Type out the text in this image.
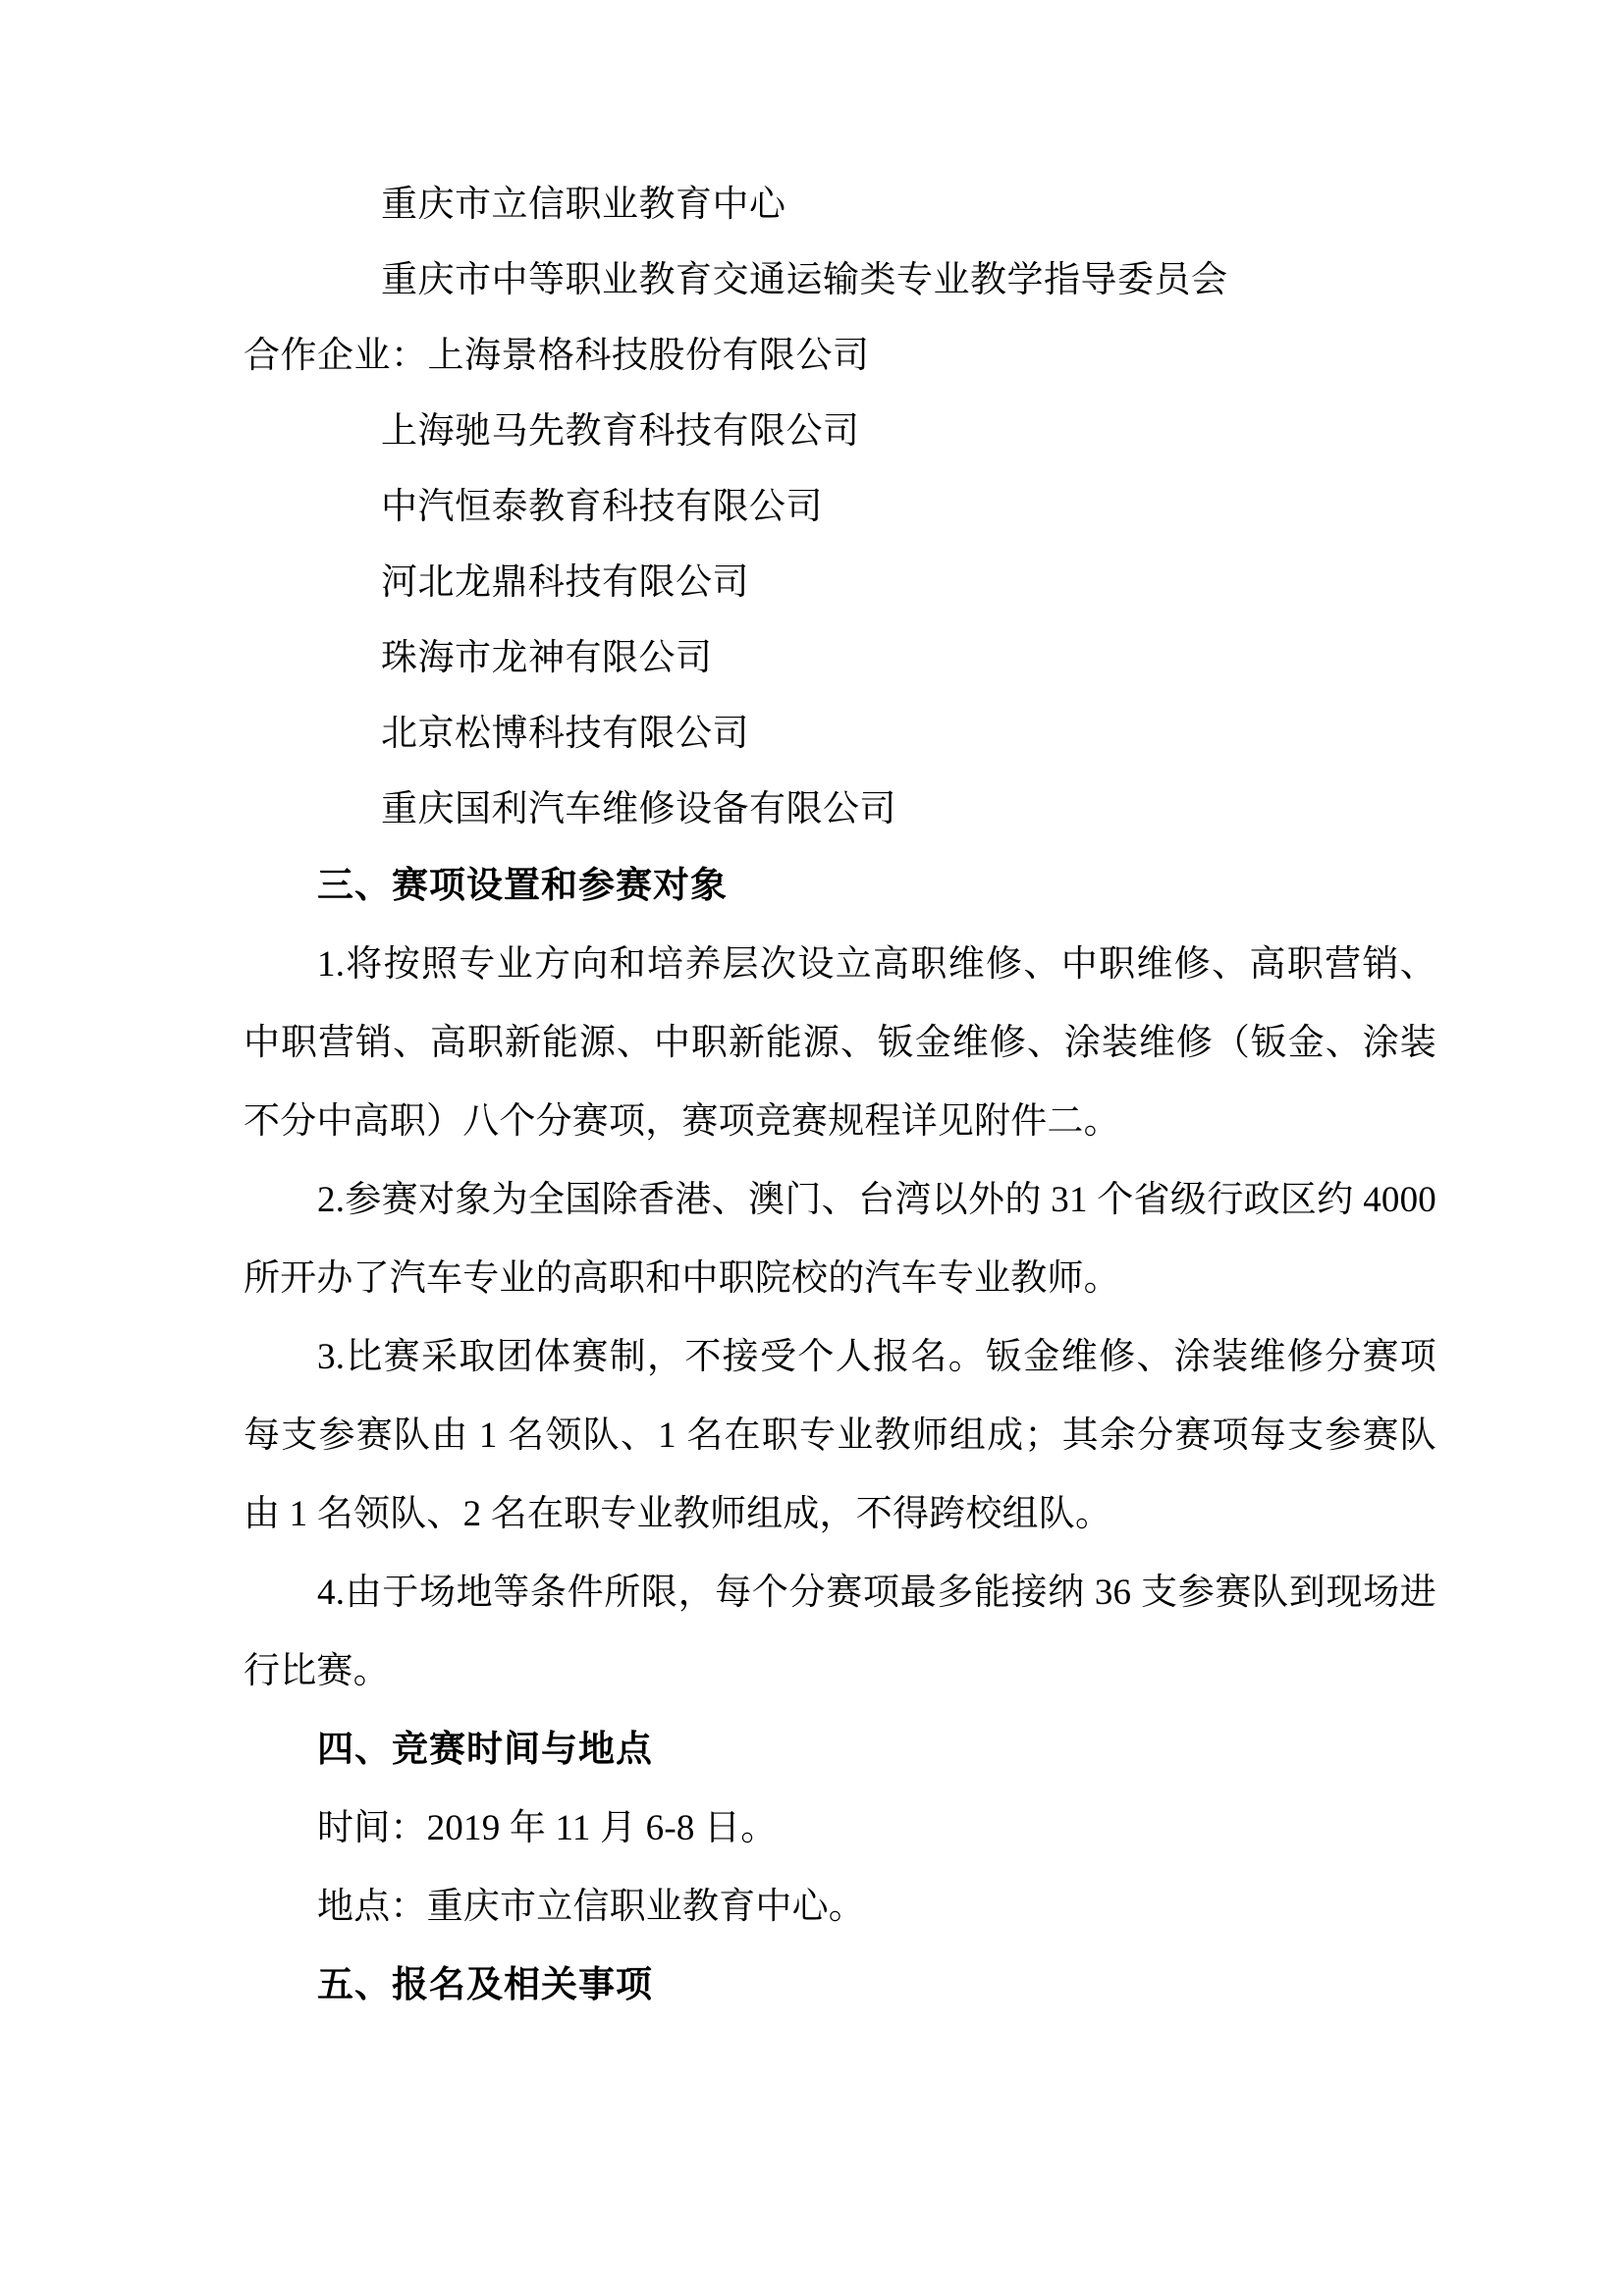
重庆市立信职业教育中心
重庆市中等职业教育交通运输类专业教学指导委员会
合作企业：上海景格科技股份有限公司
上海驰马先教育科技有限公司
中汽恒泰教育科技有限公司
河北龙鼎科技有限公司
珠海市龙神有限公司
北京松博科技有限公司
重庆国利汽车维修设备有限公司
三、赛项设置和参赛对象
1.将按照专业方向和培养层次设立高职维修、中职维修、高职营销、中职营销、高职新能源、中职新能源、钣金维修、涂装维修（钣金、涂装不分中高职）八个分赛项，赛项竞赛规程详见附件二。
2.参赛对象为全国除香港、澳门、台湾以外的 31 个省级行政区约 4000 所开办了汽车专业的高职和中职院校的汽车专业教师。
3.比赛采取团体赛制，不接受个人报名。钣金维修、涂装维修分赛项每支参赛队由 1 名领队、1 名在职专业教师组成；其余分赛项每支参赛队由 1 名领队、2 名在职专业教师组成，不得跨校组队。
4.由于场地等条件所限，每个分赛项最多能接纳 36 支参赛队到现场进行比赛。
四、竞赛时间与地点
时间：2019 年 11 月 6-8 日。
地点：重庆市立信职业教育中心。
五、报名及相关事项
